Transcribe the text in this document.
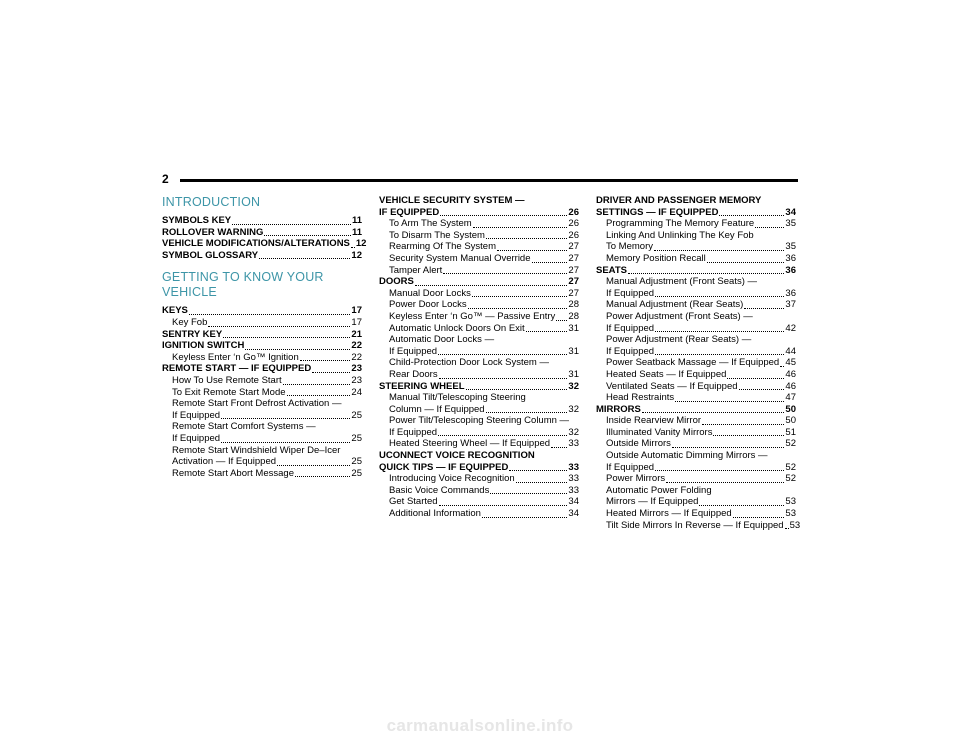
2
INTRODUCTION
SYMBOLS KEY	11
ROLLOVER WARNING	11
VEHICLE MODIFICATIONS/ALTERATIONS 12
SYMBOL GLOSSARY	12
GETTING TO KNOW YOUR VEHICLE
KEYS	17
Key Fob	17
SENTRY KEY	21
IGNITION SWITCH	22
Keyless Enter ‘n Go™ Ignition	22
REMOTE START — IF EQUIPPED	23
How To Use Remote Start	23
To Exit Remote Start Mode	24
Remote Start Front Defrost Activation —
If Equipped	25
Remote Start Comfort Systems —
If Equipped	25
Remote Start Windshield Wiper De–Icer
Activation — If Equipped	25
Remote Start Abort Message	25
VEHICLE SECURITY SYSTEM —
IF EQUIPPED	26
To Arm The System	26
To Disarm The System	26
Rearming Of The System	27
Security System Manual Override	27
Tamper Alert	27
DOORS	27
Manual Door Locks	27
Power Door Locks	28
Keyless Enter ‘n Go™ — Passive Entry 28
Automatic Unlock Doors On Exit	31
Automatic Door Locks —
If Equipped	31
Child-Protection Door Lock System —
Rear Doors	31
STEERING WHEEL	32
Manual Tilt/Telescoping Steering
Column — If Equipped	32
Power Tilt/Telescoping Steering Column —
If Equipped	32
Heated Steering Wheel — If Equipped 33
UCONNECT VOICE RECOGNITION
QUICK TIPS — IF EQUIPPED	33
Introducing Voice Recognition	33
Basic Voice Commands	33
Get Started	34
Additional Information	34
DRIVER AND PASSENGER MEMORY
SETTINGS — IF EQUIPPED	34
Programming The Memory Feature	35
Linking And Unlinking The Key Fob
To Memory	35
Memory Position Recall	36
SEATS	36
Manual Adjustment (Front Seats) —
If Equipped	36
Manual Adjustment (Rear Seats)	37
Power Adjustment (Front Seats) —
If Equipped	42
Power Adjustment (Rear Seats) —
If Equipped	44
Power Seatback Massage — If Equipped 45
Heated Seats — If Equipped	46
Ventilated Seats — If Equipped	46
Head Restraints	47
MIRRORS	50
Inside Rearview Mirror	50
Illuminated Vanity Mirrors	51
Outside Mirrors	52
Outside Automatic Dimming Mirrors —
If Equipped	52
Power Mirrors	52
Automatic Power Folding
Mirrors — If Equipped	53
Heated Mirrors — If Equipped	53
Tilt Side Mirrors In Reverse — If Equipped 53
carmanualsonline.info
